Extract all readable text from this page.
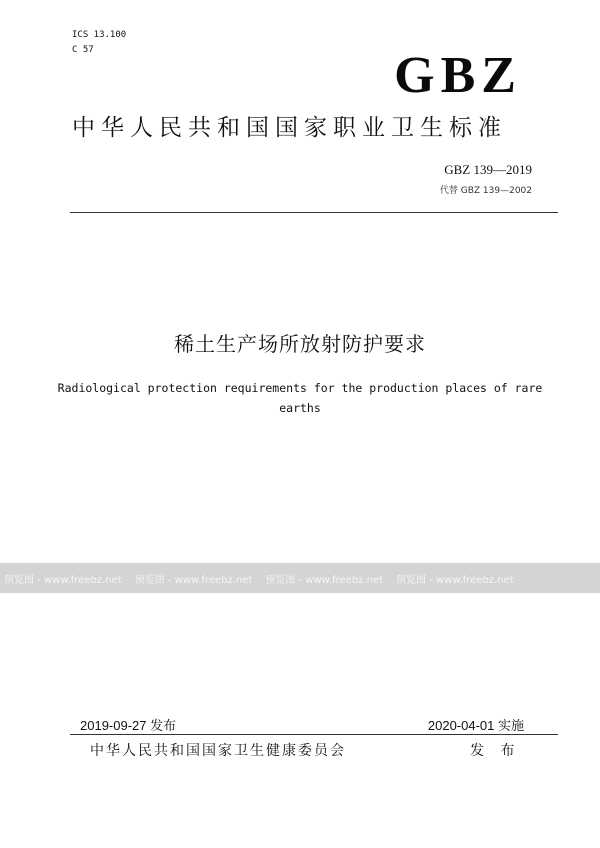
ICS 13.100
C 57	GBZ
中华人民共和国国家职业卫生标准
GBZ 139—2019
代替 GBZ 139—2002
稀土生产场所放射防护要求
Radiological protection requirements for the production places of rare
earths
预览图 - www.freebz.net 预览图 - www.freebz.net 预览图 - www.freebz.net 预览图 - www.freebz.net
2019-09-27 发布	2020-04-01 实施
中华人民共和国国家卫生健康委员会	发 布
